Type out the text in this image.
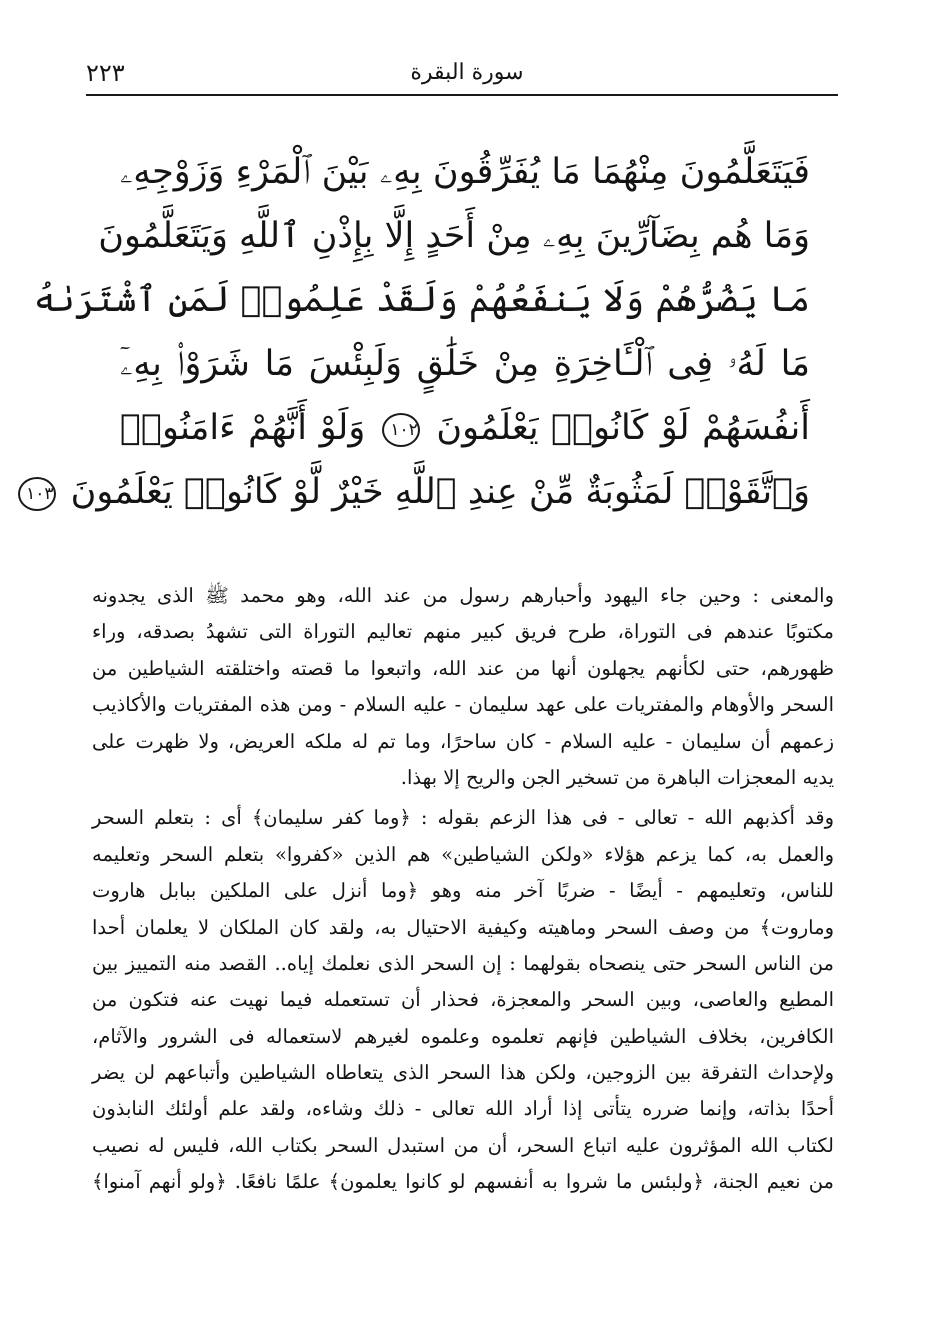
٢٢٣	سورة البقرة
فَيَتَعَلَّمُونَ مِنْهُمَا مَا يُفَرِّقُونَ بِهِۦ بَيْنَ ٱلْمَرْءِ وَزَوْجِهِۦ
وَمَا هُم بِضَآرِّينَ بِهِۦ مِنْ أَحَدٍ إِلَّا بِإِذْنِ ٱللَّهِ وَيَتَعَلَّمُونَ
مَا يَضُرُّهُمْ وَلَا يَنفَعُهُمْ وَلَقَدْ عَلِمُوا۟ لَمَنِ ٱشْتَرَىٰهُ
مَا لَهُۥ فِى ٱلْـَٔاخِرَةِ مِنْ خَلَٰقٍ وَلَبِئْسَ مَا شَرَوْا۟ بِهِۦٓ
أَنفُسَهُمْ لَوْ كَانُوا۟ يَعْلَمُونَ ١٠٢ وَلَوْ أَنَّهُمْ ءَامَنُوا۟
وَٱتَّقَوْا۟ لَمَثُوبَةٌ مِّنْ عِندِ ٱللَّهِ خَيْرٌ لَّوْ كَانُوا۟ يَعْلَمُونَ ١٠٣
والمعنى : وحين جاء اليهود وأحبارهم رسول من عند الله، وهو محمد ﷺ الذى يجدونه
مكتوبًا عندهم فى التوراة، طرح فريق كبير منهم تعاليم التوراة التى تشهدُ بصدقه، وراء
ظهورهم، حتى لكأنهم يجهلون أنها من عند الله، واتبعوا ما قصته واختلقته الشياطين من
السحر والأوهام والمفتريات على عهد سليمان - عليه السلام - ومن هذه المفتريات والأكاذيب
زعمهم أن سليمان - عليه السلام - كان ساحرًا، وما تم له ملكه العريض، ولا ظهرت على
يديه المعجزات الباهرة من تسخير الجن والريح إلا بهذا.
وقد أكذبهم الله - تعالى - فى هذا الزعم بقوله : ﴿وما كفر سليمان﴾ أى : بتعلم السحر
والعمل به، كما يزعم هؤلاء «ولكن الشياطين» هم الذين «كفروا» بتعلم السحر وتعليمه
للناس، وتعليمهم - أيضًا - ضربًا آخر منه وهو ﴿وما أنزل على الملكين ببابل هاروت
وماروت﴾ من وصف السحر وماهيته وكيفية الاحتيال به، ولقد كان الملكان لا يعلمان أحدا
من الناس السحر حتى ينصحاه بقولهما : إن السحر الذى نعلمك إياه.. القصد منه التمييز بين
المطيع والعاصى، وبين السحر والمعجزة، فحذار أن تستعمله فيما نهيت عنه فتكون من
الكافرين، بخلاف الشياطين فإنهم تعلموه وعلموه لغيرهم لاستعماله فى الشرور والآثام،
ولإحداث التفرقة بين الزوجين، ولكن هذا السحر الذى يتعاطاه الشياطين وأتباعهم لن يضر
أحدًا بذاته، وإنما ضرره يتأتى إذا أراد الله تعالى - ذلك وشاءه، ولقد علم أولئك النابذون
لكتاب الله المؤثرون عليه اتباع السحر، أن من استبدل السحر بكتاب الله، فليس له نصيب
من نعيم الجنة، ﴿ولبئس ما شروا به أنفسهم لو كانوا يعلمون﴾ علمًا نافعًا. ﴿ولو أنهم آمنوا﴾
